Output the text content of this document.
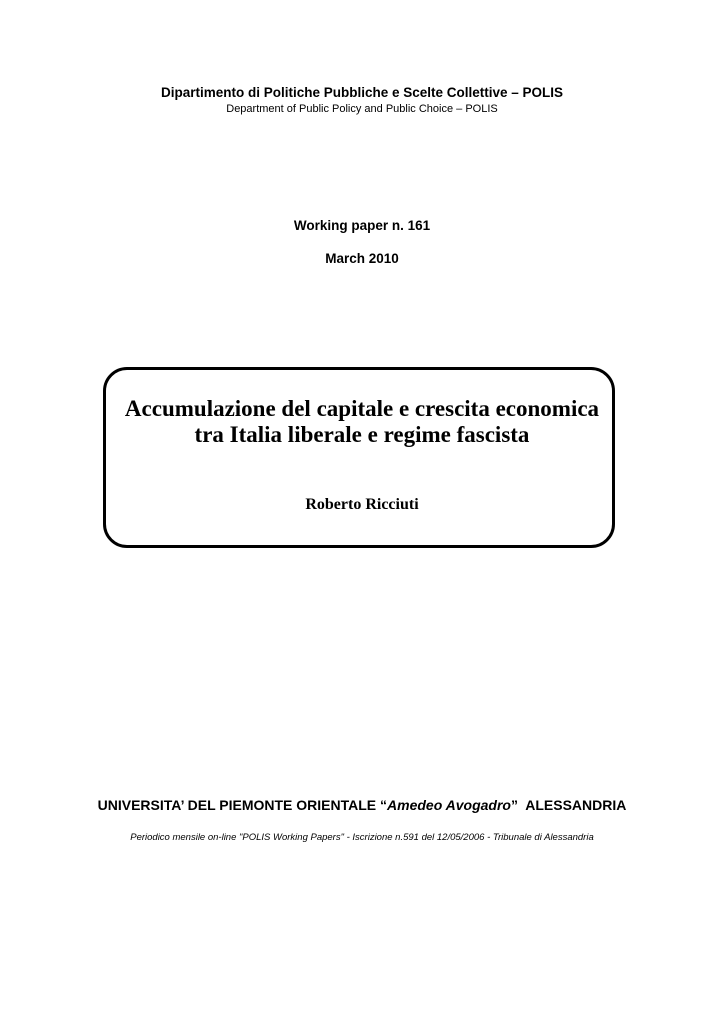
Dipartimento di Politiche Pubbliche e Scelte Collettive – POLIS
Department of Public Policy and Public Choice – POLIS
Working paper n. 161
March 2010
Accumulazione del capitale e crescita economica
tra Italia liberale e regime fascista
Roberto Ricciuti
UNIVERSITA’ DEL PIEMONTE ORIENTALE “Amedeo Avogadro”  ALESSANDRIA
Periodico mensile on-line "POLIS Working Papers" - Iscrizione n.591 del 12/05/2006 - Tribunale di Alessandria
